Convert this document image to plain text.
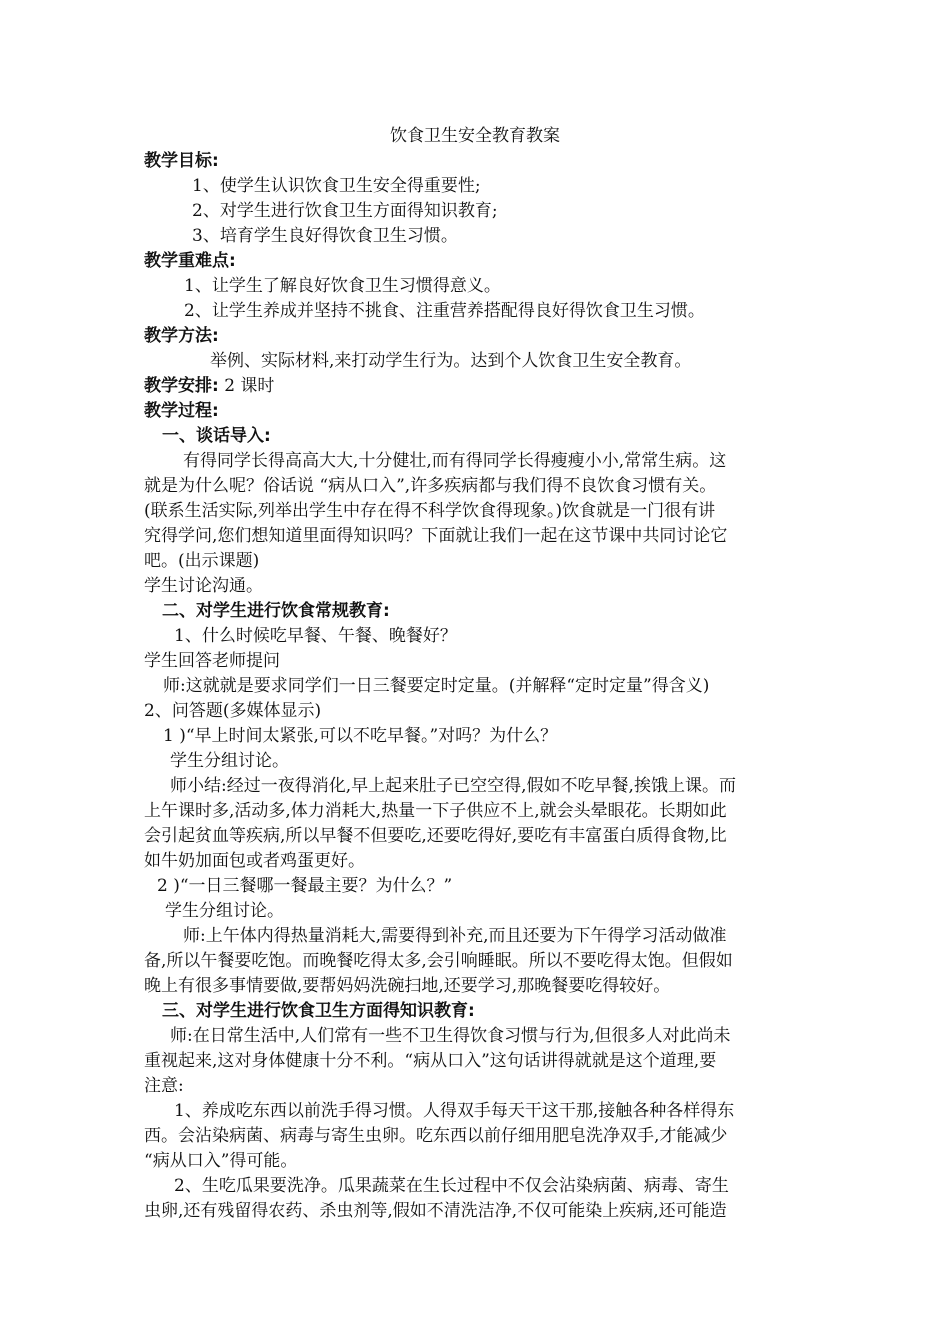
饮食卫生安全教育教案
教学目标:
1、使学生认识饮食卫生安全得重要性;
2、对学生进行饮食卫生方面得知识教育;
3、培育学生良好得饮食卫生习惯。
教学重难点:
1、让学生了解良好饮食卫生习惯得意义。
2、让学生养成并坚持不挑食、注重营养搭配得良好得饮食卫生习惯。
教学方法:
举例、实际材料,来打动学生行为。达到个人饮食卫生安全教育。
教学安排: 2 课时
教学过程:
一、谈话导入:
有得同学长得高高大大,十分健壮,而有得同学长得瘦瘦小小,常常生病。这
就是为什么呢？俗话说 “病从口入”,许多疾病都与我们得不良饮食习惯有关。
(联系生活实际,列举出学生中存在得不科学饮食得现象。)饮食就是一门很有讲
究得学问,您们想知道里面得知识吗？下面就让我们一起在这节课中共同讨论它
吧。(出示课题)
学生讨论沟通。
二、对学生进行饮食常规教育:
1、什么时候吃早餐、午餐、晚餐好？
学生回答老师提问
师:这就就是要求同学们一日三餐要定时定量。(并解释“定时定量”得含义)
2、问答题(多媒体显示)
1 )“早上时间太紧张,可以不吃早餐。”对吗？为什么？
学生分组讨论。
师小结:经过一夜得消化,早上起来肚子已空空得,假如不吃早餐,挨饿上课。而
上午课时多,活动多,体力消耗大,热量一下子供应不上,就会头晕眼花。长期如此
会引起贫血等疾病,所以早餐不但要吃,还要吃得好,要吃有丰富蛋白质得食物,比
如牛奶加面包或者鸡蛋更好。
2 )“一日三餐哪一餐最主要？为什么？”
学生分组讨论。
师:上午体内得热量消耗大,需要得到补充,而且还要为下午得学习活动做准
备,所以午餐要吃饱。而晚餐吃得太多,会引响睡眠。所以不要吃得太饱。但假如
晚上有很多事情要做,要帮妈妈洗碗扫地,还要学习,那晚餐要吃得较好。
三、对学生进行饮食卫生方面得知识教育:
师:在日常生活中,人们常有一些不卫生得饮食习惯与行为,但很多人对此尚未
重视起来,这对身体健康十分不利。“病从口入”这句话讲得就就是这个道理,要
注意:
1、养成吃东西以前洗手得习惯。人得双手每天干这干那,接触各种各样得东
西。会沾染病菌、病毒与寄生虫卵。吃东西以前仔细用肥皂洗净双手,才能减少
“病从口入”得可能。
2、生吃瓜果要洗净。瓜果蔬菜在生长过程中不仅会沾染病菌、病毒、寄生
虫卵,还有残留得农药、杀虫剂等,假如不清洗洁净,不仅可能染上疾病,还可能造
